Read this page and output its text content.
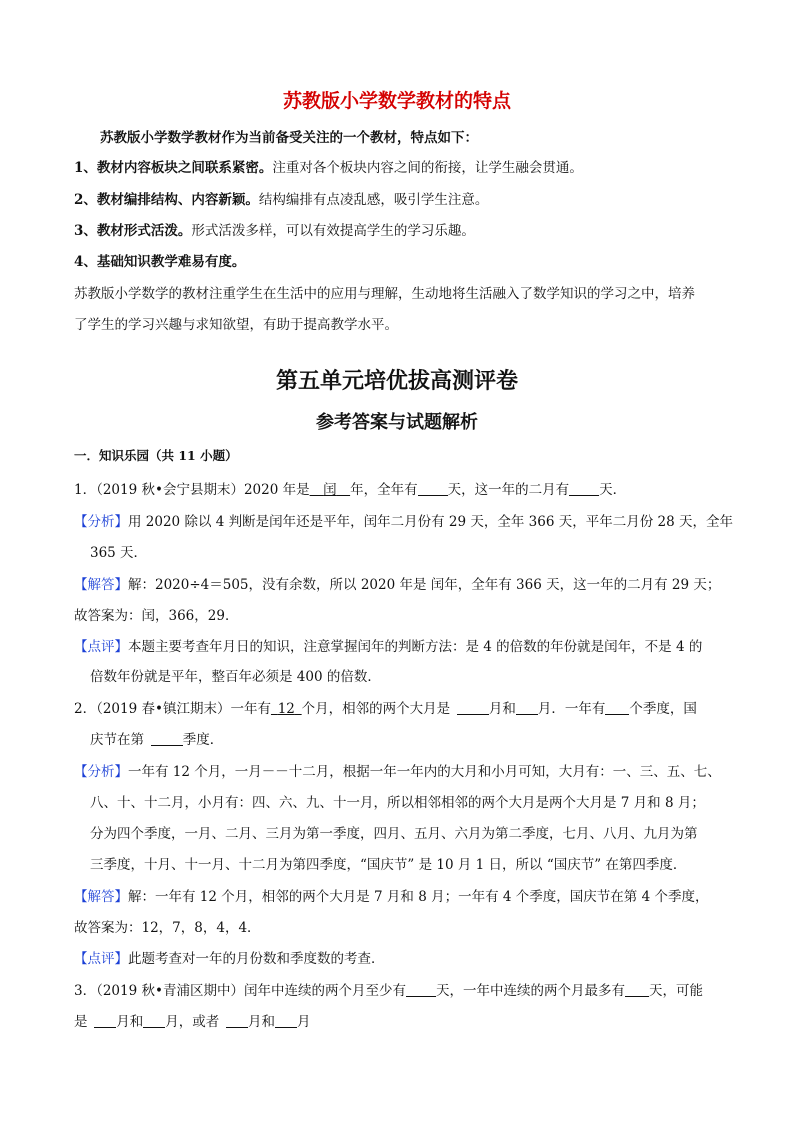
苏教版小学数学教材的特点
苏教版小学数学教材作为当前备受关注的一个教材，特点如下：
1、教材内容板块之间联系紧密。注重对各个板块内容之间的衔接，让学生融会贯通。
2、教材编排结构、内容新颖。结构编排有点凌乱感，吸引学生注意。
3、教材形式活泼。形式活泼多样，可以有效提高学生的学习乐趣。
4、基础知识教学难易有度。
苏教版小学数学的教材注重学生在生活中的应用与理解，生动地将生活融入了数学知识的学习之中，培养
了学生的学习兴趣与求知欲望，有助于提高教学水平。
第五单元培优拔高测评卷
参考答案与试题解析
一．知识乐园（共 11 小题）
1．（2019 秋•会宁县期末）2020 年是   闰   年，全年有 天，这一年的二月有 天．
【分析】用 2020 除以 4 判断是闰年还是平年，闰年二月份有 29 天，全年 366 天，平年二月份 28 天，全年
365 天．
【解答】解：2020÷4＝505，没有余数，所以 2020 年是 闰年，全年有 366 天，这一年的二月有 29 天；
故答案为：闰，366，29．
【点评】本题主要考查年月日的知识，注意掌握闰年的判断方法：是 4 的倍数的年份就是闰年，不是 4 的
倍数年份就是平年，整百年必须是 400 的倍数．
2．（2019 春•镇江期末）一年有  12  个月，相邻的两个大月是 	月和 月．一年有 个季度，国
庆节在第 	季度．
【分析】一年有 12 个月，一月－－十二月，根据一年一年内的大月和小月可知，大月有：一、三、五、七、
八、十、十二月，小月有：四、六、九、十一月，所以相邻相邻的两个大月是两个大月是 7 月和 8 月；
分为四个季度，一月、二月、三月为第一季度，四月、五月、六月为第二季度，七月、八月、九月为第
三季度，十月、十一月、十二月为第四季度，“国庆节” 是 10 月 1 日，所以 “国庆节” 在第四季度．
【解答】解：一年有 12 个月，相邻的两个大月是 7 月和 8 月；一年有 4 个季度，国庆节在第 4 个季度，
故答案为：12，7，8，4，4．
【点评】此题考查对一年的月份数和季度数的考查．
3．（2019 秋•青浦区期中）闰年中连续的两个月至少有 天，一年中连续的两个月最多有 天，可能
是  月和 月，或者  月和 月
